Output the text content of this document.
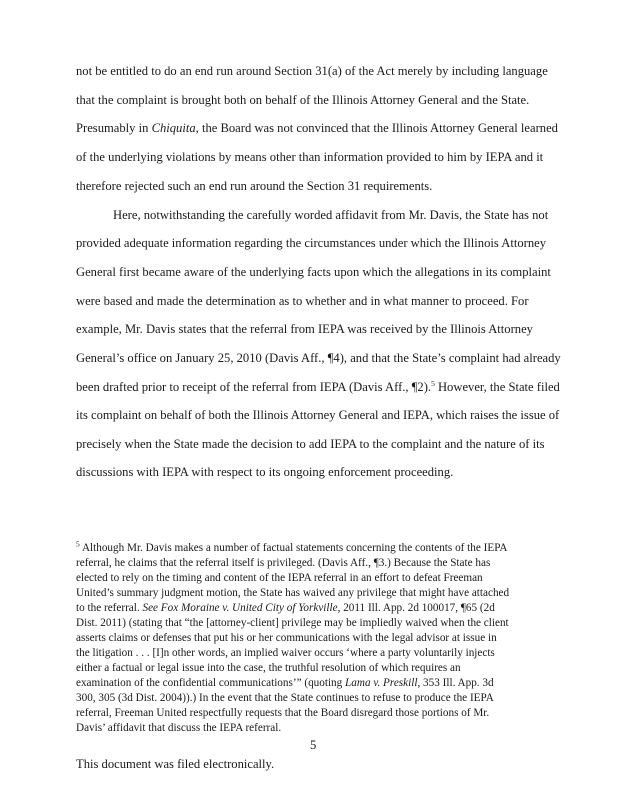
not be entitled to do an end run around Section 31(a) of the Act merely by including language
that the complaint is brought both on behalf of the Illinois Attorney General and the State.
Presumably in Chiquita, the Board was not convinced that the Illinois Attorney General learned
of the underlying violations by means other than information provided to him by IEPA and it
therefore rejected such an end run around the Section 31 requirements.
Here, notwithstanding the carefully worded affidavit from Mr. Davis, the State has not
provided adequate information regarding the circumstances under which the Illinois Attorney
General first became aware of the underlying facts upon which the allegations in its complaint
were based and made the determination as to whether and in what manner to proceed. For
example, Mr. Davis states that the referral from IEPA was received by the Illinois Attorney
General’s office on January 25, 2010 (Davis Aff., ¶4), and that the State’s complaint had already
been drafted prior to receipt of the referral from IEPA (Davis Aff., ¶2).$^5$ However, the State filed
its complaint on behalf of both the Illinois Attorney General and IEPA, which raises the issue of
precisely when the State made the decision to add IEPA to the complaint and the nature of its
discussions with IEPA with respect to its ongoing enforcement proceeding.
$^5$ Although Mr. Davis makes a number of factual statements concerning the contents of the IEPA
referral, he claims that the referral itself is privileged. (Davis Aff., ¶3.) Because the State has
elected to rely on the timing and content of the IEPA referral in an effort to defeat Freeman
United’s summary judgment motion, the State has waived any privilege that might have attached
to the referral. See Fox Moraine v. United City of Yorkville, 2011 Ill. App. 2d 100017, ¶65 (2d
Dist. 2011) (stating that “the [attorney-client] privilege may be impliedly waived when the client
asserts claims or defenses that put his or her communications with the legal advisor at issue in
the litigation . . . [I]n other words, an implied waiver occurs ‘where a party voluntarily injects
either a factual or legal issue into the case, the truthful resolution of which requires an
examination of the confidential communications’” (quoting Lama v. Preskill, 353 Ill. App. 3d
300, 305 (3d Dist. 2004)).) In the event that the State continues to refuse to produce the IEPA
referral, Freeman United respectfully requests that the Board disregard those portions of Mr.
Davis’ affidavit that discuss the IEPA referral.
5
This document was filed electronically.
